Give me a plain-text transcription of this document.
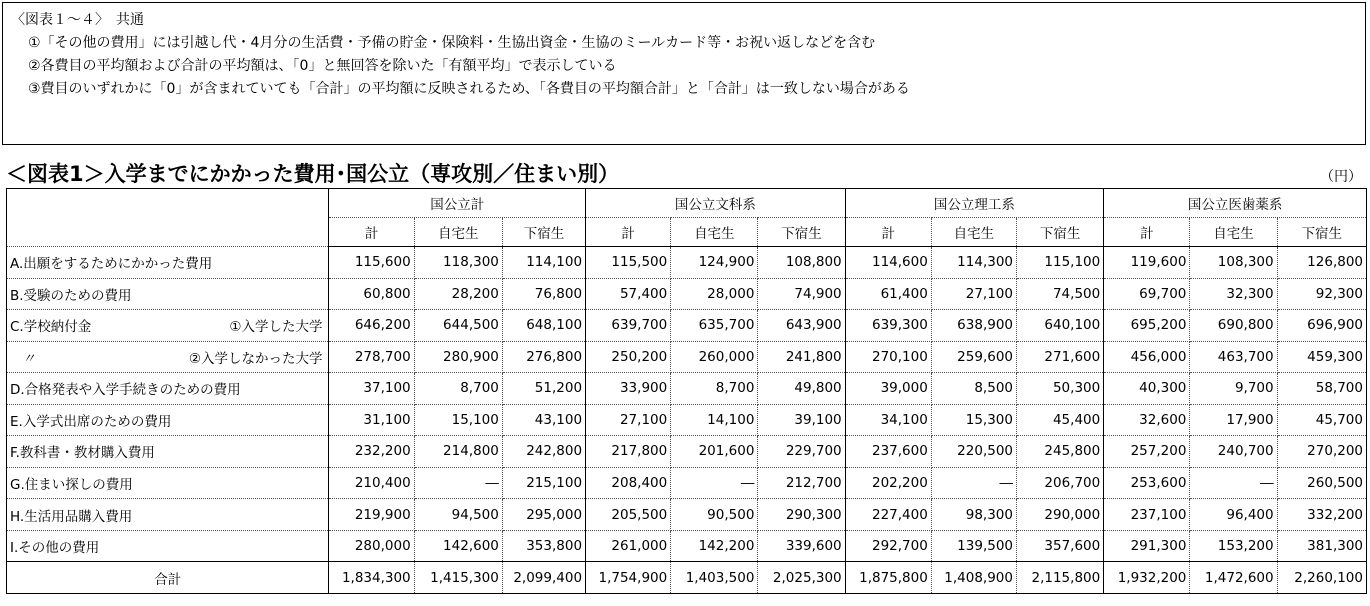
〈図表１～４〉　共通
①「その他の費用」には引越し代・4月分の生活費・予備の貯金・保険料・生協出資金・生協のミールカード等・お祝い返しなどを含む
②各費目の平均額および合計の平均額は、「0」と無回答を除いた「有額平均」で表示している
③費目のいずれかに「0」が含まれていても「合計」の平均額に反映されるため、「各費目の平均額合計」と「合計」は一致しない場合がある
＜図表1＞入学までにかかった費用･国公立（専攻別／住まい別）	（円）
	国公立計			国公立文科系			国公立理工系			国公立医歯薬系		
	計	自宅生	下宿生	計	自宅生	下宿生	計	自宅生	下宿生	計	自宅生	下宿生
A.出願をするためにかかった費用	115,600	118,300	114,100	115,500	124,900	108,800	114,600	114,300	115,100	119,600	108,300	126,800
B.受験のための費用	60,800	28,200	76,800	57,400	28,000	74,900	61,400	27,100	74,500	69,700	32,300	92,300
C.学校納付金 ①入学した大学	646,200	644,500	648,100	639,700	635,700	643,900	639,300	638,900	640,100	695,200	690,800	696,900
〃 ②入学しなかった大学	278,700	280,900	276,800	250,200	260,000	241,800	270,100	259,600	271,600	456,000	463,700	459,300
D.合格発表や入学手続きのための費用	37,100	8,700	51,200	33,900	8,700	49,800	39,000	8,500	50,300	40,300	9,700	58,700
E.入学式出席のための費用	31,100	15,100	43,100	27,100	14,100	39,100	34,100	15,300	45,400	32,600	17,900	45,700
F.教科書・教材購入費用	232,200	214,800	242,800	217,800	201,600	229,700	237,600	220,500	245,800	257,200	240,700	270,200
G.住まい探しの費用	210,400	―	215,100	208,400	―	212,700	202,200	―	206,700	253,600	―	260,500
H.生活用品購入費用	219,900	94,500	295,000	205,500	90,500	290,300	227,400	98,300	290,000	237,100	96,400	332,200
I.その他の費用	280,000	142,600	353,800	261,000	142,200	339,600	292,700	139,500	357,600	291,300	153,200	381,300
合計	1,834,300	1,415,300	2,099,400	1,754,900	1,403,500	2,025,300	1,875,800	1,408,900	2,115,800	1,932,200	1,472,600	2,260,100
